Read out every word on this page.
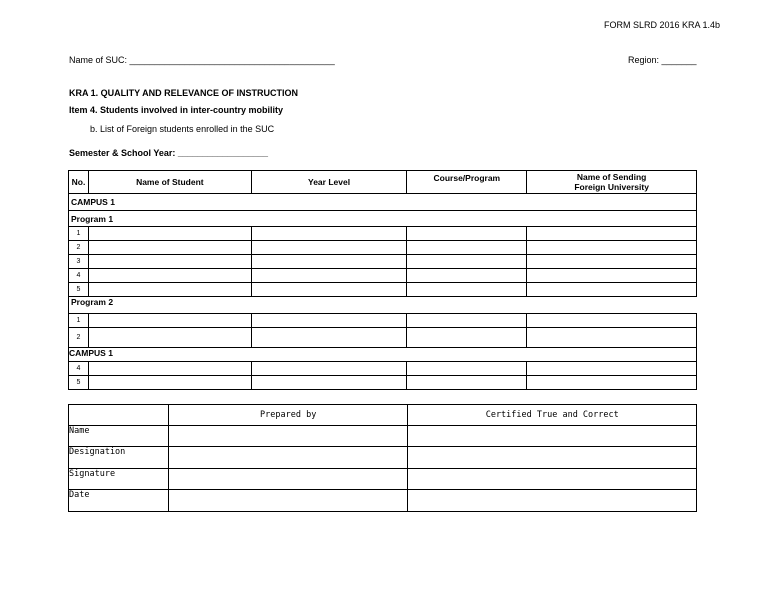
FORM SLRD 2016 KRA 1.4b
Name of SUC: _________________________________________	Region: _______
KRA 1. QUALITY AND RELEVANCE OF INSTRUCTION
Item 4. Students involved in inter-country mobility
b. List of Foreign students enrolled in the SUC
Semester & School Year: __________________
No.	Name of Student	Year Level	Course/Program	Name of Sending
Foreign University
CAMPUS 1				
Program 1				
1				
2				
3				
4				
5				
Program 2				
1				
2				
CAMPUS 1				
4				
5				
	Prepared by	Certified True and Correct
Name		
Designation		
Signature		
Date		
